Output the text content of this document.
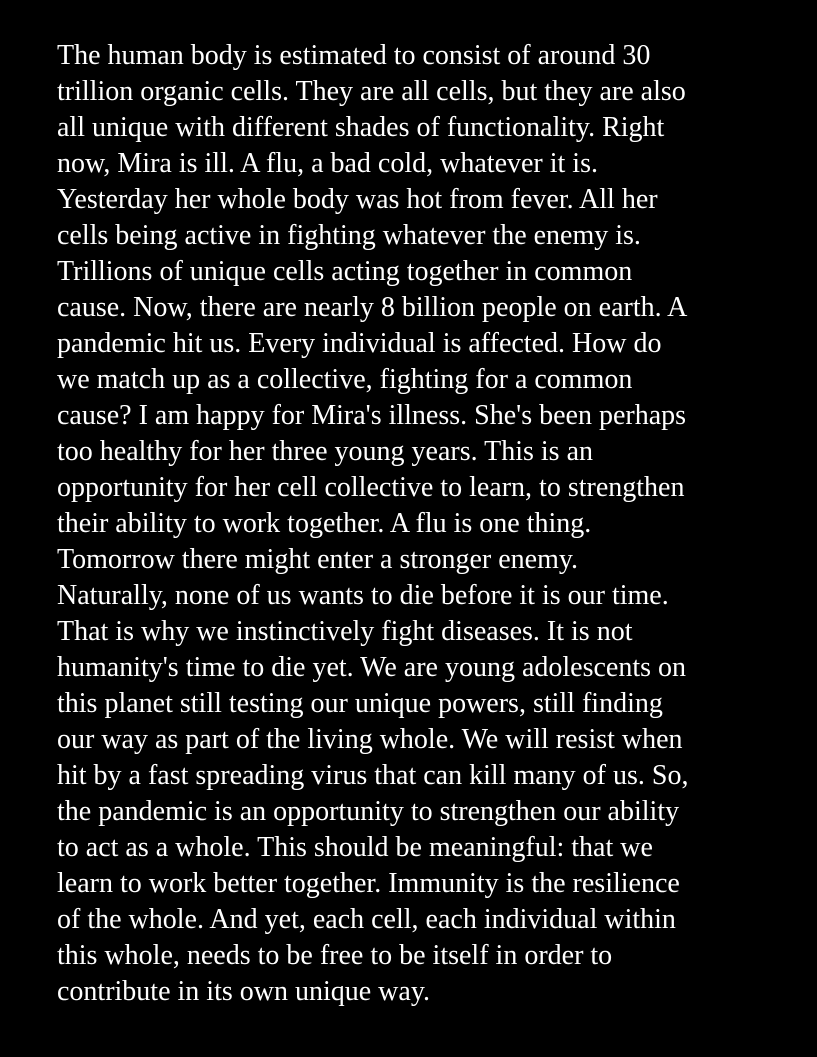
The human body is estimated to consist of around 30
trillion organic cells. They are all cells, but they are also
all unique with different shades of functionality. Right
now, Mira is ill. A flu, a bad cold, whatever it is.
Yesterday her whole body was hot from fever. All her
cells being active in fighting whatever the enemy is.
Trillions of unique cells acting together in common
cause. Now, there are nearly 8 billion people on earth. A
pandemic hit us. Every individual is affected. How do
we match up as a collective, fighting for a common
cause? I am happy for Mira's illness. She's been perhaps
too healthy for her three young years. This is an
opportunity for her cell collective to learn, to strengthen
their ability to work together. A flu is one thing.
Tomorrow there might enter a stronger enemy.
Naturally, none of us wants to die before it is our time.
That is why we instinctively fight diseases. It is not
humanity's time to die yet. We are young adolescents on
this planet still testing our unique powers, still finding
our way as part of the living whole. We will resist when
hit by a fast spreading virus that can kill many of us. So,
the pandemic is an opportunity to strengthen our ability
to act as a whole. This should be meaningful: that we
learn to work better together. Immunity is the resilience
of the whole. And yet, each cell, each individual within
this whole, needs to be free to be itself in order to
contribute in its own unique way.
